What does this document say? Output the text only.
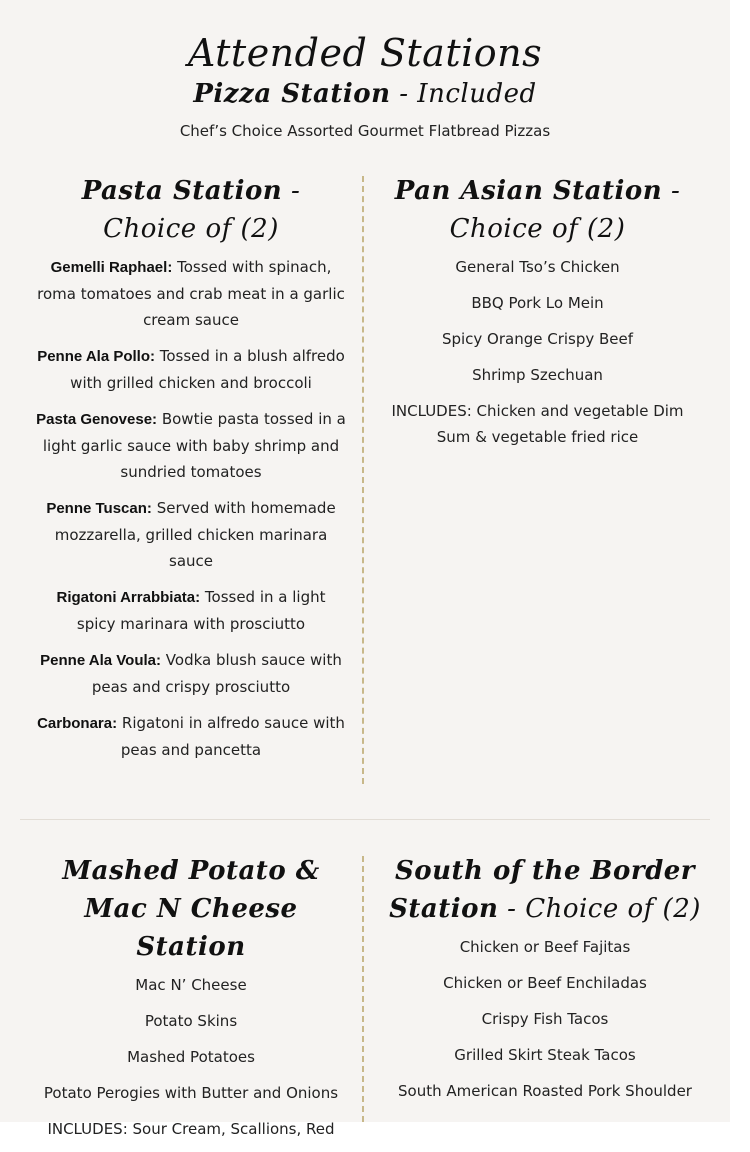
Attended Stations
Pizza Station - Included
Chef’s Choice Assorted Gourmet Flatbread Pizzas
Pasta Station - Choice of (2)
Gemelli Raphael: Tossed with spinach, roma tomatoes and crab meat in a garlic cream sauce
Penne Ala Pollo: Tossed in a blush alfredo with grilled chicken and broccoli
Pasta Genovese: Bowtie pasta tossed in a light garlic sauce with baby shrimp and sundried tomatoes
Penne Tuscan: Served with homemade mozzarella, grilled chicken marinara sauce
Rigatoni Arrabbiata: Tossed in a light spicy marinara with prosciutto
Penne Ala Voula: Vodka blush sauce with peas and crispy prosciutto
Carbonara: Rigatoni in alfredo sauce with peas and pancetta
Pan Asian Station - Choice of (2)
General Tso’s Chicken
BBQ Pork Lo Mein
Spicy Orange Crispy Beef
Shrimp Szechuan
INCLUDES: Chicken and vegetable Dim Sum & vegetable fried rice
Mashed Potato & Mac N Cheese Station
Mac N’ Cheese
Potato Skins
Mashed Potatoes
Potato Perogies with Butter and Onions
INCLUDES: Sour Cream, Scallions, Red
South of the Border Station - Choice of (2)
Chicken or Beef Fajitas
Chicken or Beef Enchiladas
Crispy Fish Tacos
Grilled Skirt Steak Tacos
South American Roasted Pork Shoulder
